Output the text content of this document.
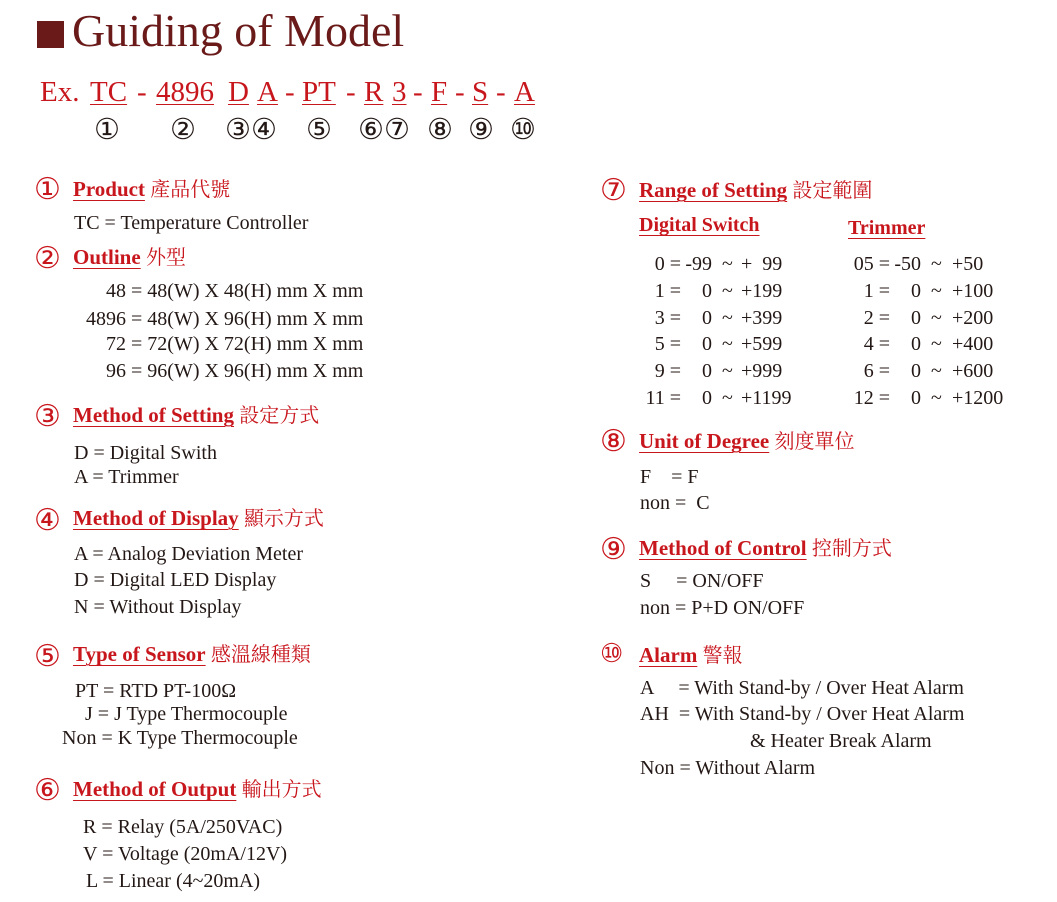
Guiding of Model
Ex. TC - 4896 D A - PT - R 3 - F - S - A
① ② ③④ ⑤ ⑥⑦ ⑧ ⑨ ⑩
① Product 產品代號
TC = Temperature Controller
② Outline 外型
48 = 48(W) X 48(H) mm X mm
4896 = 48(W) X 96(H) mm X mm
72 = 72(W) X 72(H) mm X mm
96 = 96(W) X 96(H) mm X mm
③ Method of Setting 設定方式
D = Digital Swith
A = Trimmer
④ Method of Display 顯示方式
A = Analog Deviation Meter
D = Digital LED Display
N = Without Display
⑤ Type of Sensor 感溫線種類
PT = RTD PT-100Ω
J = J Type Thermocouple
Non = K Type Thermocouple
⑥ Method of Output 輸出方式
R = Relay (5A/250VAC)
V = Voltage (20mA/12V)
L = Linear (4~20mA)
⑦ Range of Setting 設定範圍
Digital Switch	Trimmer
0 = -99 ~ +  99
1 =	0 ~ +199
3 =	0 ~ +399
5 =	0 ~ +599
9 =	0 ~ +999
11 =	0 ~ +1199
05 = -50 ~ +50
1 =	0 ~ +100
2 =	0 ~ +200
4 =	0 ~ +400
6 =	0 ~ +600
12 =	0 ~ +1200
⑧ Unit of Degree 刻度單位
F    = F
non =  C
⑨ Method of Control 控制方式
S     = ON/OFF
non = P+D ON/OFF
⑩ Alarm 警報
A     = With Stand-by / Over Heat Alarm
AH  = With Stand-by / Over Heat Alarm
& Heater Break Alarm
Non = Without Alarm
